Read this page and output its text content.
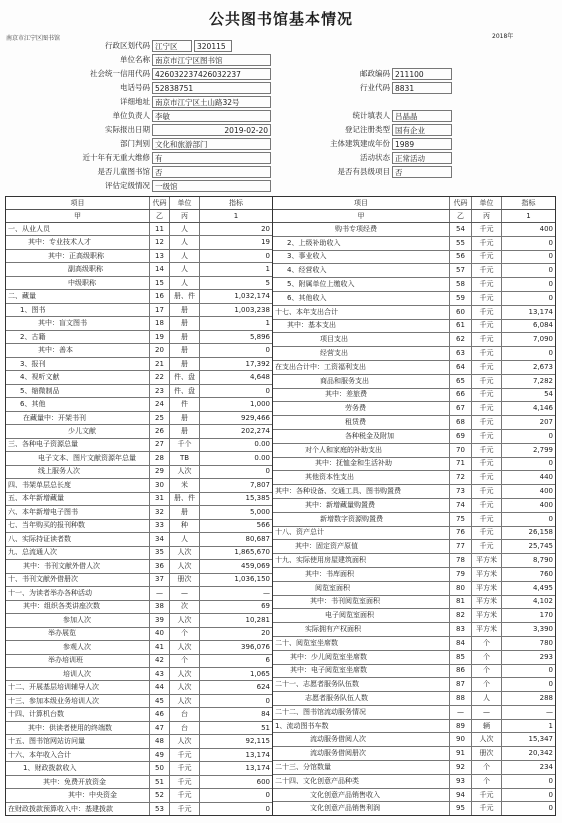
公共图书馆基本情况
南京市江宁区图书馆	2018年
行政区划代码 江宁区	320115
单位名称 南京市江宁区图书馆
社会统一信用代码 426032237426032237	邮政编码 211100
电话号码 52838751	行业代码 8831
详细地址 南京市江宁区土山路32号
单位负责人 李敏	统计填表人 吕晶晶
实际报出日期	2019-02-20	登记注册类型 国有企业
部门判别 文化和旅游部门	主体建筑建成年份 1989
近十年有无重大维修 有	活动状态 正常活动
是否儿童图书馆 否	是否有县级项目 否
评估定级情况 一级馆
项目	代码	单位	指标
甲	乙	丙	1
一、从业人员	11	人	20
其中：专业技术人才	12	人	19
其中：正高级职称	13	人	0
副高级职称	14	人	1
中级职称	15	人	5
二、藏量	16	册、件	1,032,174
1、图书	17	册	1,003,238
其中：盲文图书	18	册	1
2、古籍	19	册	5,896
其中：善本	20	册	0
3、报刊	21	册	17,392
4、视听文献	22	件、盘	4,648
5、缩微制品	23	件、盘	0
6、其他	24	件	1,000
在藏量中：开架书刊	25	册	929,466
少儿文献	26	册	202,274
三、各种电子资源总量	27	千个	0.00
电子文本、图片文献资源年总量	28	TB	0.00
线上服务人次	29	人次	0
四、书架单层总长度	30	米	7,807
五、本年新增藏量	31	册、件	15,385
六、本年新增电子图书	32	册	5,000
七、当年购买的报刊种数	33	种	566
八、实际持证读者数	34	人	80,687
九、总流通人次	35	人次	1,865,670
其中：书刊文献外借人次	36	人次	459,069
十、书刊文献外借册次	37	册次	1,036,150
十一、为读者举办各种活动	—	—	—
其中：组织各类讲座次数	38	次	69
参加人次	39	人次	10,281
举办展览	40	个	20
参观人次	41	人次	396,076
举办培训班	42	个	6
培训人次	43	人次	1,065
十二、开展基层培训辅导人次	44	人次	624
十三、参加本级业务培训人次	45	人次	0
十四、计算机台数	46	台	84
其中：供读者使用的终端数	47	台	51
十五、图书馆网站访问量	48	人次	92,115
十六、本年收入合计	49	千元	13,174
1、财政拨款收入	50	千元	13,174
其中：免费开放资金	51	千元	600
其中：中央资金	52	千元	0
在财政拨款预算收入中：基建拨款	53	千元	0
项目	代码	单位	指标
甲	乙	丙	1
购书专项经费	54	千元	400
2、上级补助收入	55	千元	0
3、事业收入	56	千元	0
4、经营收入	57	千元	0
5、附属单位上缴收入	58	千元	0
6、其他收入	59	千元	0
十七、本年支出合计	60	千元	13,174
其中：基本支出	61	千元	6,084
项目支出	62	千元	7,090
经营支出	63	千元	0
在支出合计中：工资福利支出	64	千元	2,673
商品和服务支出	65	千元	7,282
其中：差旅费	66	千元	54
劳务费	67	千元	4,146
租赁费	68	千元	207
各种税金及附加	69	千元	0
对个人和家庭的补助支出	70	千元	2,799
其中：抚恤金和生活补助	71	千元	0
其他资本性支出	72	千元	440
其中：各种设备、交通工具、图书购置费	73	千元	400
其中：新增藏量购置费	74	千元	400
新增数字资源购置费	75	千元	0
十八、资产总计	76	千元	26,158
其中：固定资产原值	77	千元	25,745
十九、实际使用房屋建筑面积	78	平方米	8,790
其中：书库面积	79	平方米	760
阅览室面积	80	平方米	4,495
其中：书刊阅览室面积	81	平方米	4,102
电子阅览室面积	82	平方米	170
实际拥有产权面积	83	平方米	3,390
二十、阅览室坐席数	84	个	780
其中：少儿阅览室坐席数	85	个	293
其中：电子阅览室坐席数	86	个	0
二十一、志愿者服务队伍数	87	个	0
志愿者服务队伍人数	88	人	288
二十二、图书馆流动服务情况	—	—	—
1、流动图书车数	89	辆	1
流动服务借阅人次	90	人次	15,347
流动服务借阅册次	91	册次	20,342
二十三、分馆数量	92	个	234
二十四、文化创意产品种类	93	个	0
文化创意产品销售收入	94	千元	0
文化创意产品销售利润	95	千元	0
